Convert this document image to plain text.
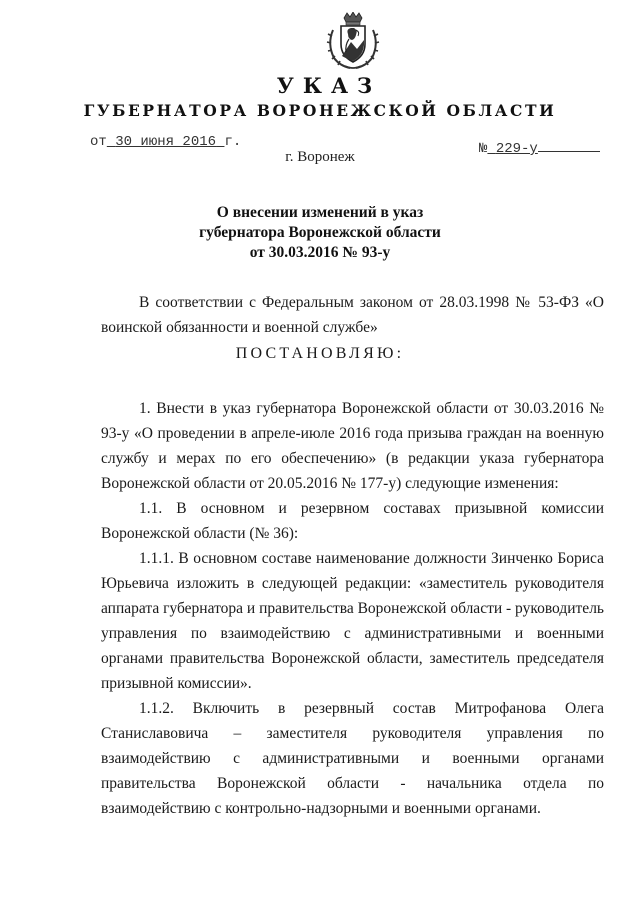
УКАЗ
ГУБЕРНАТОРА ВОРОНЕЖСКОЙ ОБЛАСТИ
от 30 июня 2016 г.	№ 229-у
г. Воронеж
О внесении изменений в указ
губернатора Воронежской области
от 30.03.2016 № 93-у

В соответствии с Федеральным законом от 28.03.1998 № 53-ФЗ «О воинской обязанности и военной службе»

ПОСТАНОВЛЯЮ:

1. Внести в указ губернатора Воронежской области от 30.03.2016 № 93-у «О проведении в апреле-июле 2016 года призыва граждан на военную службу и мерах по его обеспечению» (в редакции указа губернатора Воронежской области от 20.05.2016 № 177-у) следующие изменения:

1.1. В основном и резервном составах призывной комиссии Воронежской области (№ 36):

1.1.1. В основном составе наименование должности Зинченко Бориса Юрьевича изложить в следующей редакции: «заместитель руководителя аппарата губернатора и правительства Воронежской области - руководитель управления по взаимодействию с административными и военными органами правительства Воронежской области, заместитель председателя призывной комиссии».

1.1.2. Включить в резервный состав Митрофанова Олега Станиславовича – заместителя руководителя управления по взаимодействию с административными и военными органами правительства Воронежской области - начальника отдела по взаимодействию с контрольно-надзорными и военными органами.
